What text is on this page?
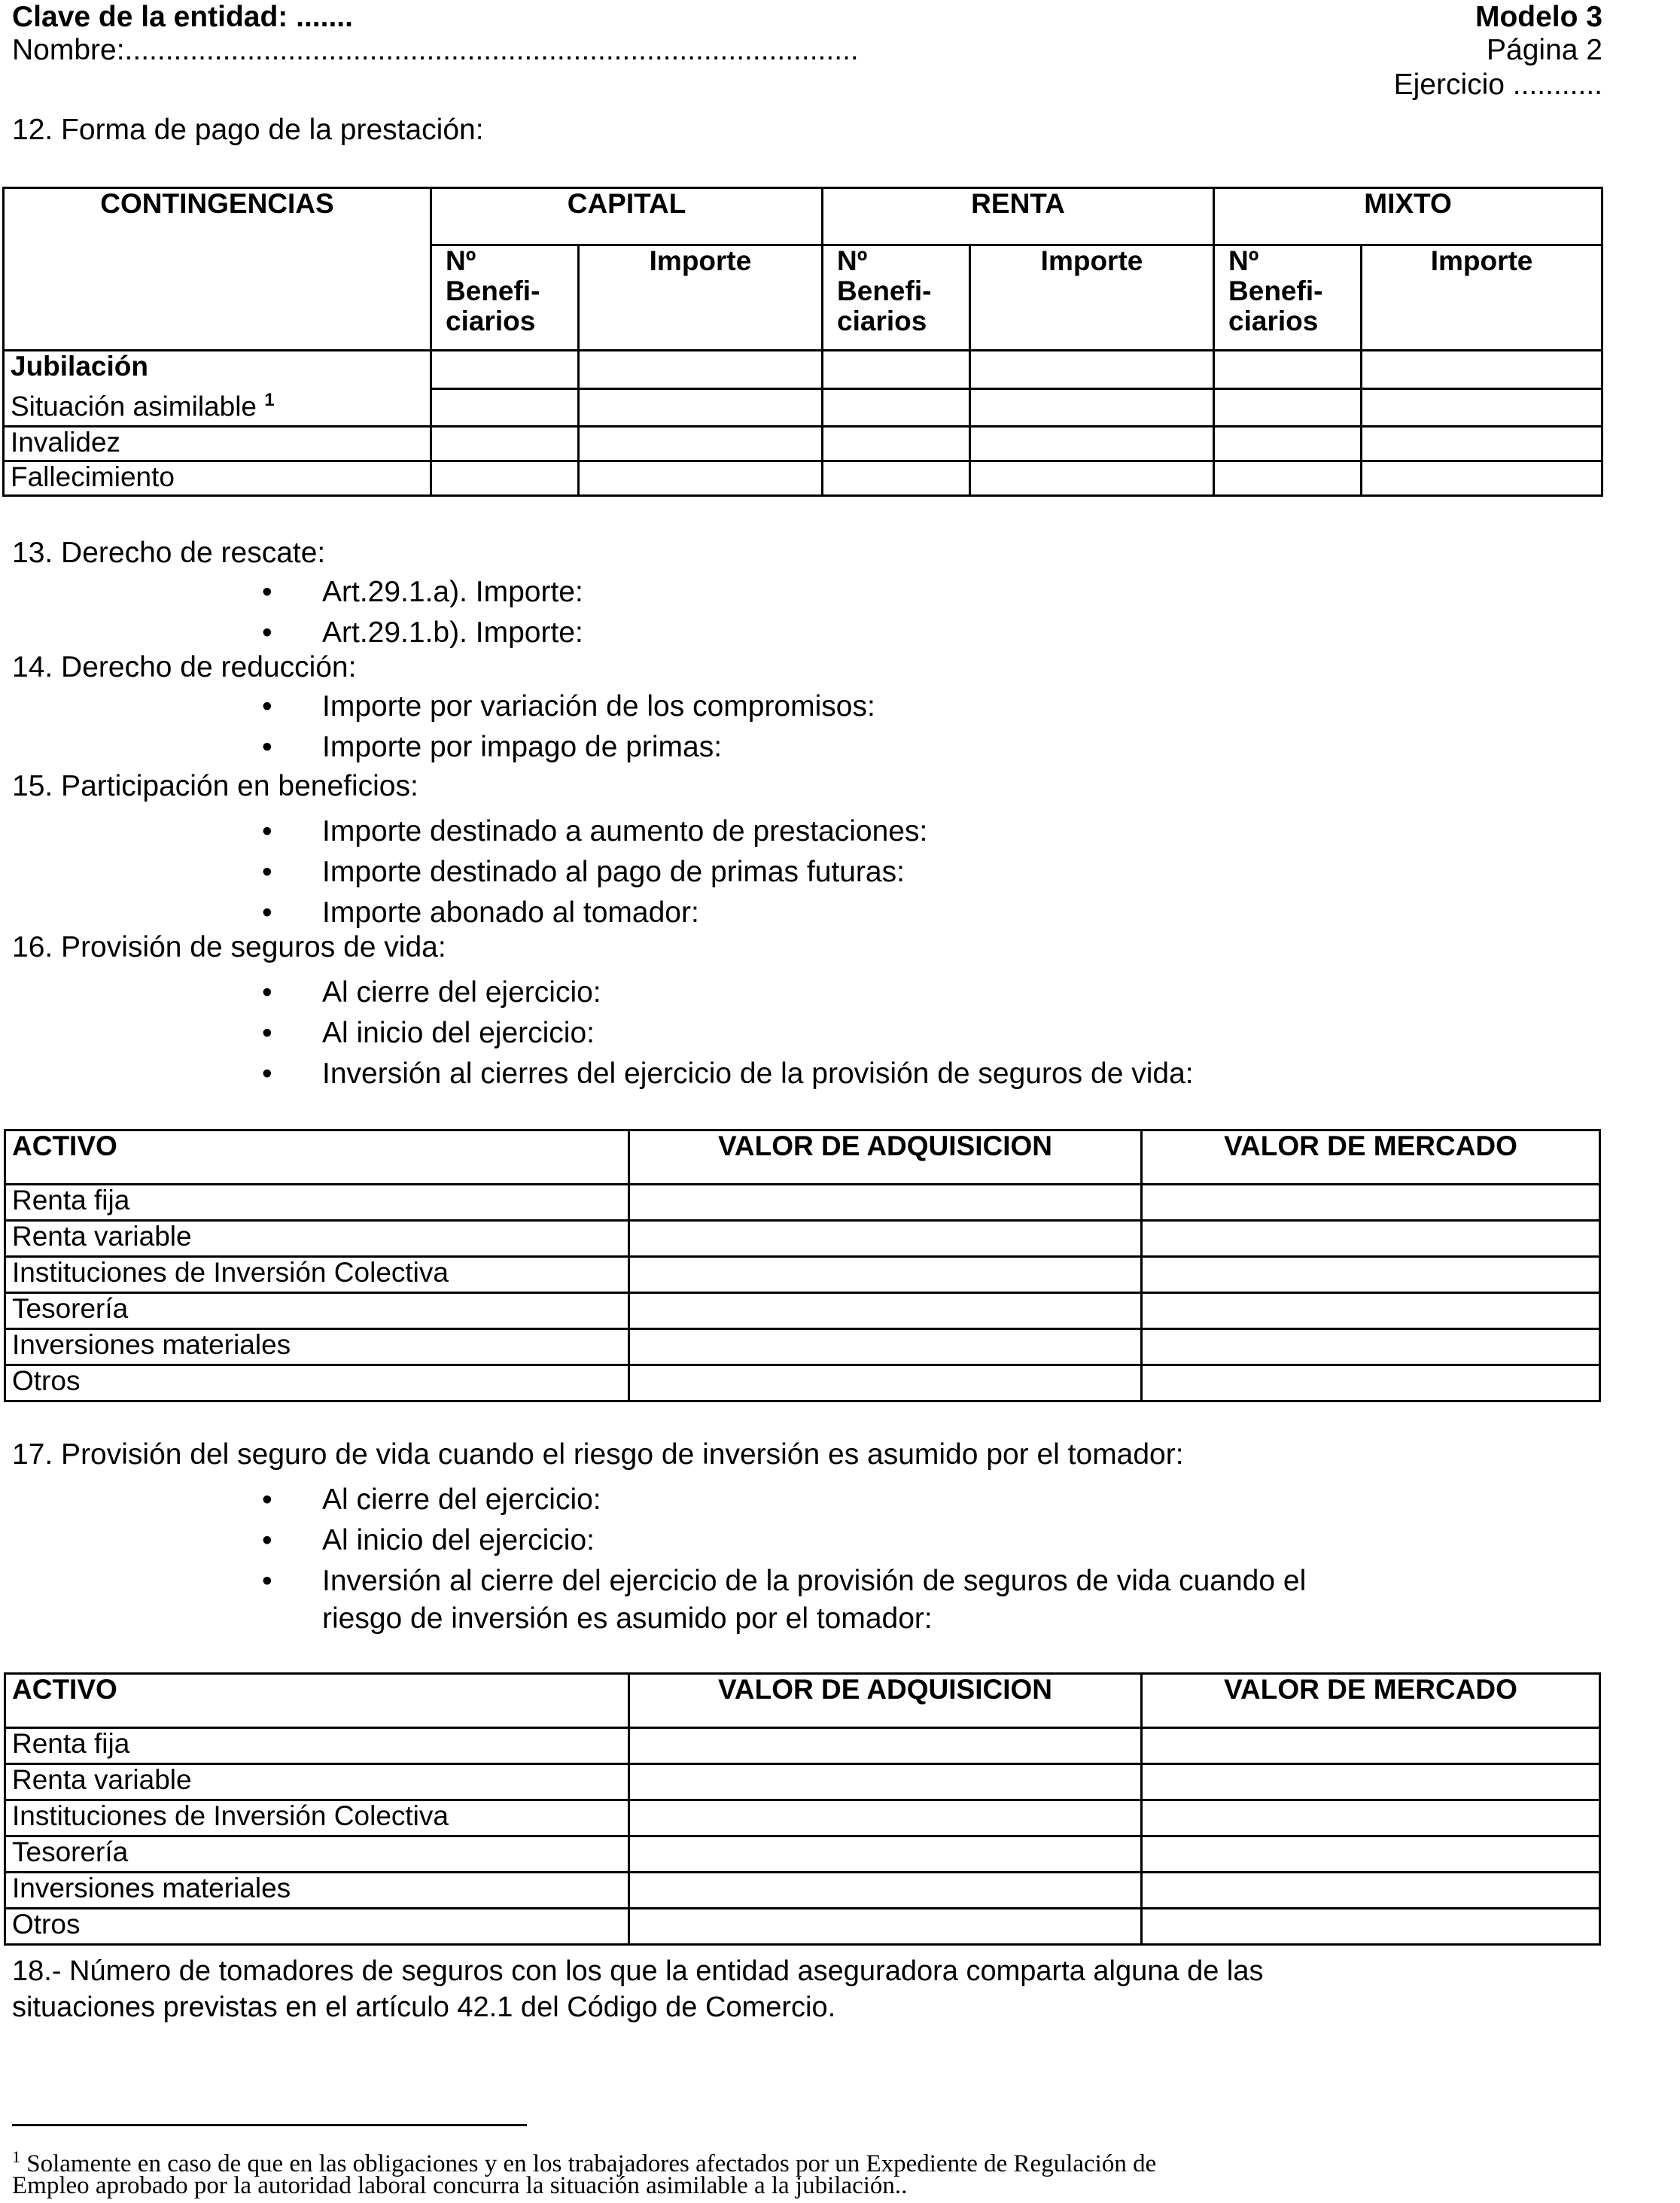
Clave de la entidad: .......
Nombre:..........................................................................................
Modelo 3
Página 2
Ejercicio ...........
12. Forma de pago de la prestación:
CONTINGENCIAS	CAPITAL		RENTA		MIXTO	
	Nº Benefi- ciarios	Importe	Nº Benefi- ciarios	Importe	Nº Benefi- ciarios	Importe

Jubilación
Situación asimilable $^1$

Invalidez						
Fallecimiento						
13. Derecho de rescate:
• Art.29.1.a). Importe:
• Art.29.1.b). Importe:
14. Derecho de reducción:
• Importe por variación de los compromisos:
• Importe por impago de primas:
15. Participación en beneficios:
• Importe destinado a aumento de prestaciones:
• Importe destinado al pago de primas futuras:
• Importe abonado al tomador:
16. Provisión de seguros de vida:
• Al cierre del ejercicio:
• Al inicio del ejercicio:
• Inversión al cierres del ejercicio de la provisión de seguros de vida:
ACTIVO	VALOR DE ADQUISICION	VALOR DE MERCADO
Renta fija		
Renta variable		
Instituciones de Inversión Colectiva		
Tesorería		
Inversiones materiales		
Otros		
17. Provisión del seguro de vida cuando el riesgo de inversión es asumido por el tomador:
• Al cierre del ejercicio:
• Al inicio del ejercicio:
• Inversión al cierre del ejercicio de la provisión de seguros de vida cuando el
riesgo de inversión es asumido por el tomador:
ACTIVO	VALOR DE ADQUISICION	VALOR DE MERCADO
Renta fija		
Renta variable		
Instituciones de Inversión Colectiva		
Tesorería		
Inversiones materiales		
Otros		
18.- Número de tomadores de seguros con los que la entidad aseguradora comparta alguna de las
situaciones previstas en el artículo 42.1 del Código de Comercio.
$^1$ Solamente en caso de que en las obligaciones y en los trabajadores afectados por un Expediente de Regulación de
Empleo aprobado por la autoridad laboral concurra la situación asimilable a la jubilación..
